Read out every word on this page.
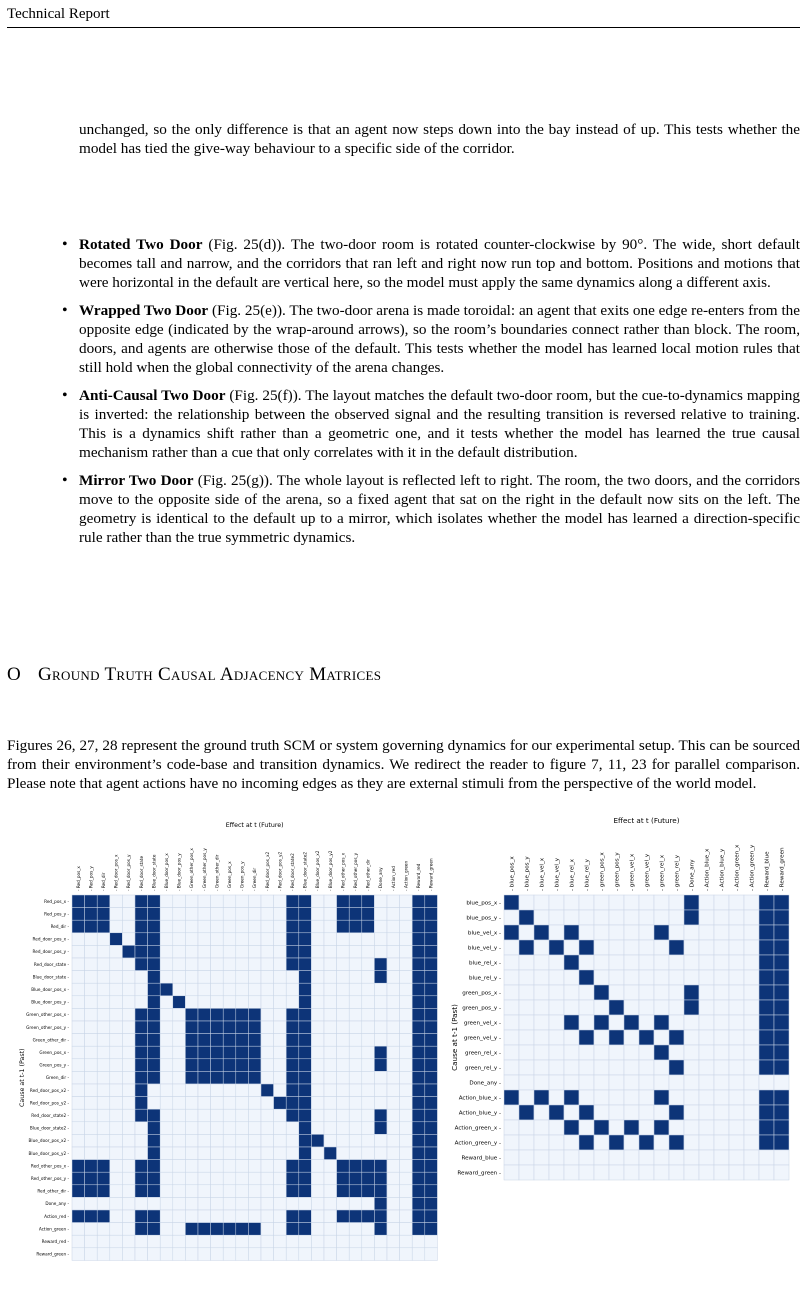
Technical Report

unchanged, so the only difference is that an agent now steps down into the bay instead of up. This tests whether the model has tied the give-way behaviour to a specific side of the corridor.

• Rotated Two Door (Fig. 25(d)). The two-door room is rotated counter-clockwise by 90°. The wide, short default becomes tall and narrow, and the corridors that ran left and right now run top and bottom. Positions and motions that were horizontal in the default are vertical here, so the model must apply the same dynamics along a different axis.
• Wrapped Two Door (Fig. 25(e)). The two-door arena is made toroidal: an agent that exits one edge re-enters from the opposite edge (indicated by the wrap-around arrows), so the room’s boundaries connect rather than block. The room, doors, and agents are otherwise those of the default. This tests whether the model has learned local motion rules that still hold when the global connectivity of the arena changes.
• Anti-Causal Two Door (Fig. 25(f)). The layout matches the default two-door room, but the cue-to-dynamics mapping is inverted: the relationship between the observed signal and the resulting transition is reversed relative to training. This is a dynamics shift rather than a geometric one, and it tests whether the model has learned the true causal mechanism rather than a cue that only correlates with it in the default distribution.
• Mirror Two Door (Fig. 25(g)). The whole layout is reflected left to right. The room, the two doors, and the corridors move to the opposite side of the arena, so a fixed agent that sat on the right in the default now sits on the left. The geometry is identical to the default up to a mirror, which isolates whether the model has learned a direction-specific rule rather than the true symmetric dynamics.
O Ground Truth Causal Adjacency Matrices

Figures 26, 27, 28 represent the ground truth SCM or system governing dynamics for our experimental setup. This can be sourced from their environment’s code-base and transition dynamics. We redirect the reader to figure 7, 11, 23 for parallel comparison. Please note that agent actions have no incoming edges as they are external stimuli from the perspective of the world model.

- Red_pos_x - Red_pos_y - Red_dir - Red_door_pos_x - Red_door_pos_y - Red_door_state - Blue_door_state - Blue_door_pos_x - Blue_door_pos_y - Green_other_pos_x - Green_other_pos_y - Green_other_dir - Green_pos_x - Green_pos_y - Green_dir - Red_door_pos_x2 - Red_door_pos_y2 - Red_door_state2 - Blue_door_state2 - Blue_door_pos_x2 - Blue_door_pos_y2 - Red_other_pos_x - Red_other_pos_y - Red_other_dir - Done_any - Action_red - Action_green - Reward_red - Reward_green
Red_pos_x -
Red_pos_y -
Red_dir -
Red_door_pos_x -
Red_door_pos_y -
Red_door_state -
Blue_door_state -
Blue_door_pos_x -
Blue_door_pos_y -
Green_other_pos_x -
Green_other_pos_y -
Green_other_dir -
Green_pos_x -
Green_pos_y -
Green_dir -
Red_door_pos_x2 -
Red_door_pos_y2 -
Red_door_state2 -
Blue_door_state2 -
Blue_door_pos_x2 -
Blue_door_pos_y2 -
Red_other_pos_x -
Red_other_pos_y -
Red_other_dir -
Done_any -
Action_red -
Action_green -
Reward_red -
Reward_green -
Effect at t (Future)
Cause at t-1 (Past)
- blue_pos_x - blue_pos_y - blue_vel_x - blue_vel_y - blue_rel_x - blue_rel_y - green_pos_x - green_pos_y - green_vel_x - green_vel_y - green_rel_x - green_rel_y - Done_any - Action_blue_x - Action_blue_y - Action_green_x - Action_green_y - Reward_blue - Reward_green
blue_pos_x -
blue_pos_y -
blue_vel_x -
blue_vel_y -
blue_rel_x -
blue_rel_y -
green_pos_x -
green_pos_y -
green_vel_x -
green_vel_y -
green_rel_x -
green_rel_y -
Done_any -
Action_blue_x -
Action_blue_y -
Action_green_x -
Action_green_y -
Reward_blue -
Reward_green -
Effect at t (Future)
Cause at t-1 (Past)
